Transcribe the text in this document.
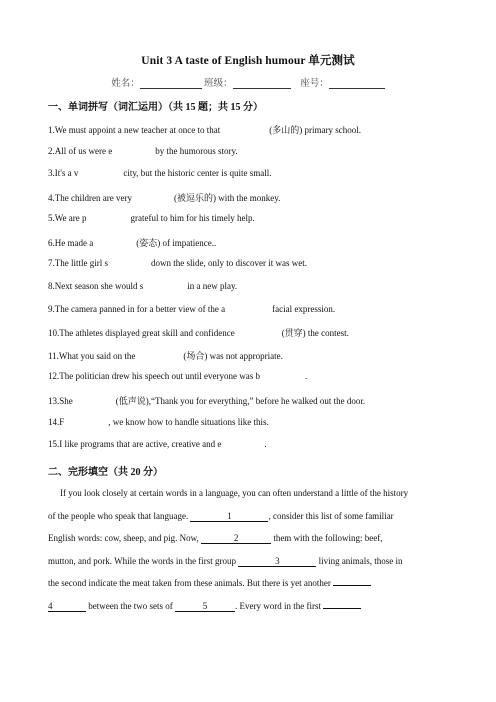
Unit 3 A taste of English humour 单元测试
姓名：	班级：	座号：
一、单词拼写（词汇运用）（共 15 题；共 15 分）
1.We must appoint a new teacher at once to that	(多山的) primary school.
2.All of us were e	by the humorous story.
3.It's a v	city, but the historic center is quite small.
4.The children are very	(被逗乐的) with the monkey.
5.We are p	grateful to him for his timely help.
6.He made a	(姿态) of impatience..
7.The little girl s	down the slide, only to discover it was wet.
8.Next season she would s	in a new play.
9.The camera panned in for a better view of the a	facial expression.
10.The athletes displayed great skill and confidence	(贯穿) the contest.
11.What you said on the	(场合) was not appropriate.
12.The politician drew his speech out until everyone was b	.
13.She	(低声说),“Thank you for everything,” before he walked out the door.
14.F	, we know how to handle situations like this.
15.I like programs that are active, creative and e	.
二、完形填空（共 20 分）
If you look closely at certain words in a language, you can often understand a little of the history
of the people who speak that language.	1	, consider this list of some familiar
English words: cow, sheep, and pig. Now,	2	them with the following: beef,
mutton, and pork. While the words in the first group	3	living animals, those in
the second indicate the meat taken from these animals. But there is yet another
4	between the two sets of	5	. Every word in the first
